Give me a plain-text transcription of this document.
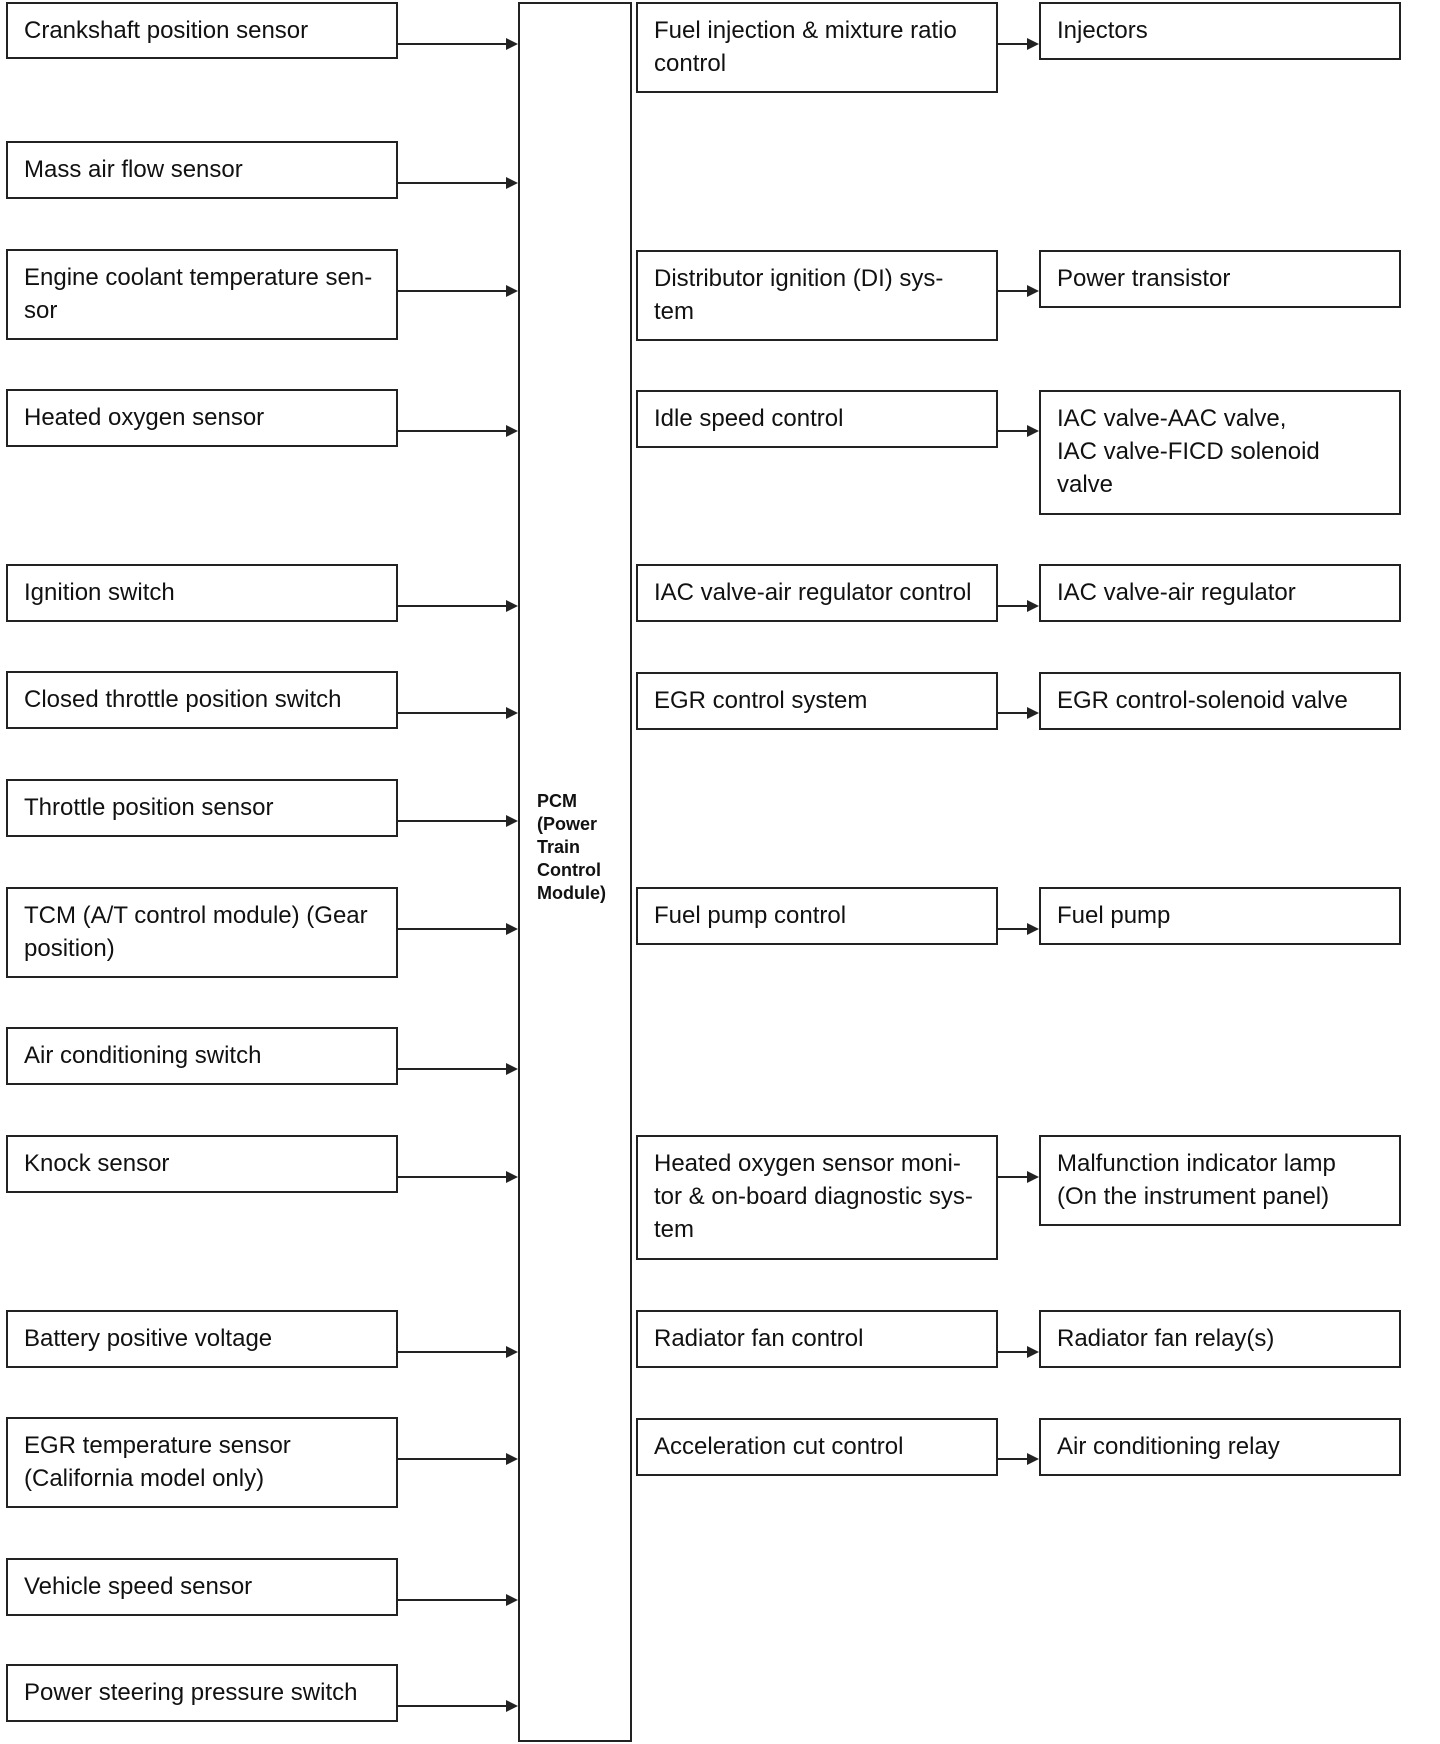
PCM
(Power
Train
Control
Module)
Crankshaft position sensor
Mass air flow sensor
Engine coolant temperature sen-
sor
Heated oxygen sensor
Ignition switch
Closed throttle position switch
Throttle position sensor
TCM (A/T control module) (Gear
position)
Air conditioning switch
Knock sensor
Battery positive voltage
EGR temperature sensor
(California model only)
Vehicle speed sensor
Power steering pressure switch
Fuel injection & mixture ratio
control
Distributor ignition (DI) sys-
tem
Idle speed control
IAC valve-air regulator control
EGR control system
Fuel pump control
Heated oxygen sensor moni-
tor & on-board diagnostic sys-
tem
Radiator fan control
Acceleration cut control
Injectors
Power transistor
IAC valve-AAC valve,
IAC valve-FICD solenoid
valve
IAC valve-air regulator
EGR control-solenoid valve
Fuel pump
Malfunction indicator lamp
(On the instrument panel)
Radiator fan relay(s)
Air conditioning relay
